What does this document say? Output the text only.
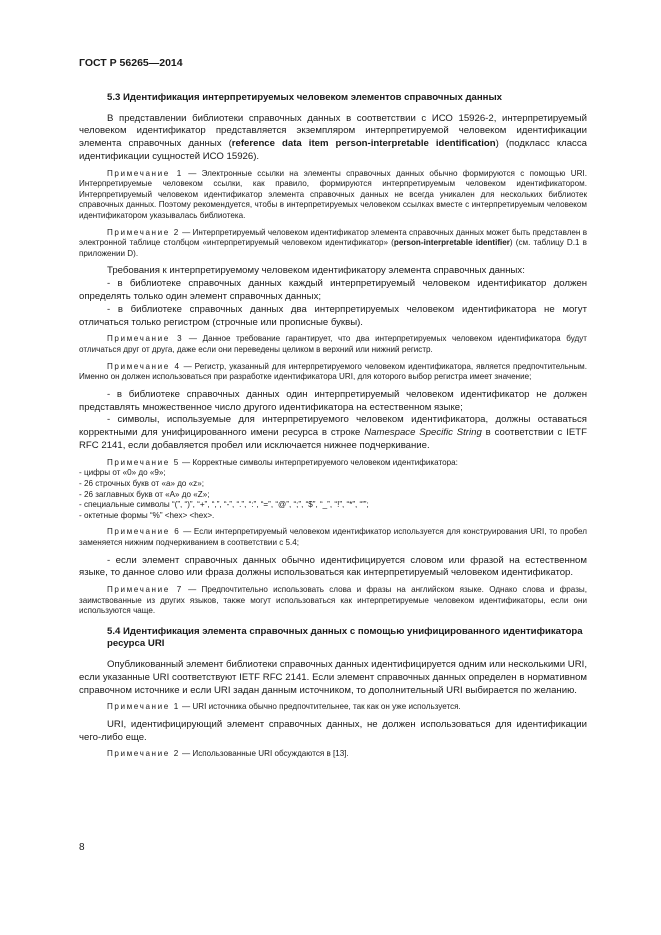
ГОСТ Р 56265—2014
5.3 Идентификация интерпретируемых человеком элементов справочных данных

В представлении библиотеки справочных данных в соответствии с ИСО 15926-2, интерпретируемый человеком идентификатор представляется экземпляром интерпретируемой человеком идентификации элемента справочных данных (reference data item person-interpretable identification) (подкласс класса идентификации сущностей ИСО 15926).

Примечание 1 — Электронные ссылки на элементы справочных данных обычно формируются с помощью URI. Интерпретируемые человеком ссылки, как правило, формируются интерпретируемым человеком идентификатором. Интерпретируемый человеком идентификатор элемента справочных данных не всегда уникален для нескольких библиотек справочных данных. Поэтому рекомендуется, чтобы в интерпретируемых человеком ссылках вместе с интерпретируемым человеком идентификатором указывалась библиотека.

Примечание 2 — Интерпретируемый человеком идентификатор элемента справочных данных может быть представлен в электронной таблице столбцом «интерпретируемый человеком идентификатор» (person-interpretable identifier) (см. таблицу D.1 в приложении D).

Требования к интерпретируемому человеком идентификатору элемента справочных данных:

- в библиотеке справочных данных каждый интерпретируемый человеком идентификатор должен определять только один элемент справочных данных;

- в библиотеке справочных данных два интерпретируемых человеком идентификатора не могут отличаться только регистром (строчные или прописные буквы).

Примечание 3 — Данное требование гарантирует, что два интерпретируемых человеком идентификатора будут отличаться друг от друга, даже если они переведены целиком в верхний или нижний регистр.

Примечание 4 — Регистр, указанный для интерпретируемого человеком идентификатора, является предпочтительным. Именно он должен использоваться при разработке идентификатора URI, для которого выбор регистра имеет значение;

- в библиотеке справочных данных один интерпретируемый человеком идентификатор не должен представлять множественное число другого идентификатора на естественном языке;

- символы, используемые для интерпретируемого человеком идентификатора, должны оставаться корректными для унифицированного имени ресурса в строке Namespace Specific String в соответствии с IETF RFC 2141, если добавляется пробел или исключается нижнее подчеркивание.

Примечание 5 — Корректные символы интерпретируемого человеком идентификатора:

- цифры от «0» до «9»;

- 26 строчных букв от «a» до «z»;

- 26 заглавных букв от «A» до «Z»;

- специальные символы “(”, “)”, “+”, “,”, “-”, “.”, “:”, “=”, “@”, “;”, “$”, “_”, “!”, “*”, “'”;

- октетные формы “%” <hex> <hex>.

Примечание 6 — Если интерпретируемый человеком идентификатор используется для конструирования URI, то пробел заменяется нижним подчеркиванием в соответствии с 5.4;

- если элемент справочных данных обычно идентифицируется словом или фразой на естественном языке, то данное слово или фраза должны использоваться как интерпретируемый человеком идентификатор.

Примечание 7 — Предпочтительно использовать слова и фразы на английском языке. Однако слова и фразы, заимствованные из других языков, также могут использоваться как интерпретируемые человеком идентификаторы, если они используются чаще.

5.4 Идентификация элемента справочных данных с помощью унифицированного идентификатора ресурса URI

Опубликованный элемент библиотеки справочных данных идентифицируется одним или несколькими URI, если указанные URI соответствуют IETF RFC 2141. Если элемент справочных данных определен в нормативном справочном источнике и если URI задан данным источником, то дополнительный URI выбирается по желанию.

Примечание 1 — URI источника обычно предпочтительнее, так как он уже используется.

URI, идентифицирующий элемент справочных данных, не должен использоваться для идентификации чего-либо еще.

Примечание 2 — Использованные URI обсуждаются в [13].

8
